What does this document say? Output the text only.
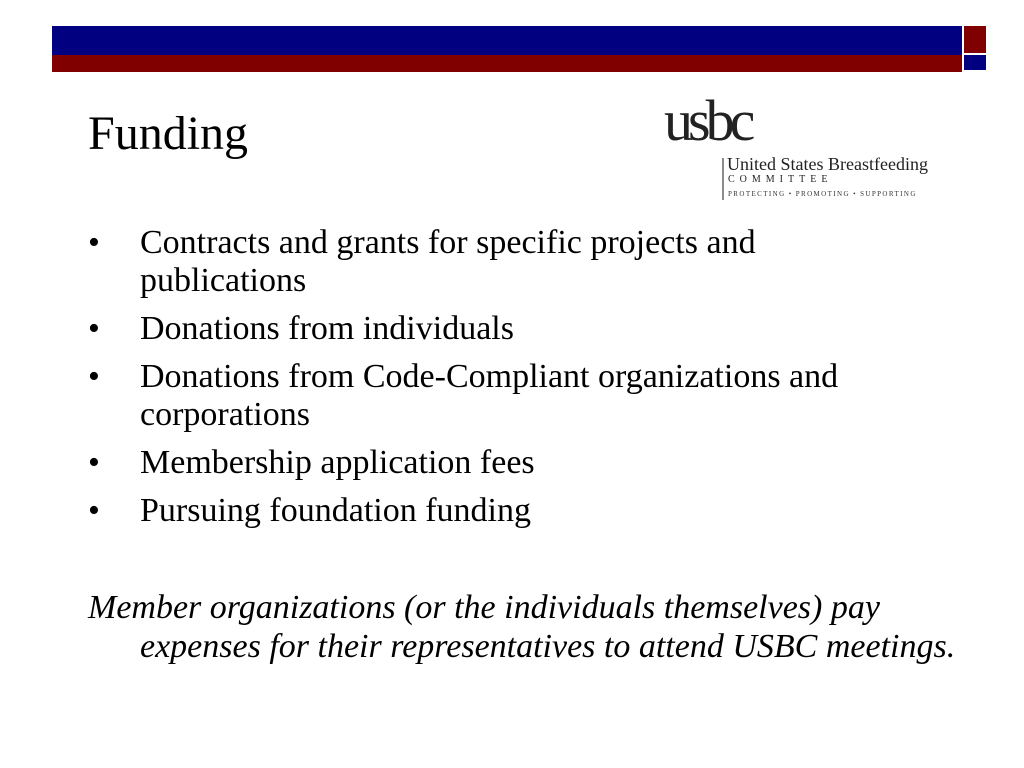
Funding	usbc
United States Breastfeeding
COMMITTEE
PROTECTING • PROMOTING • SUPPORTING
• Contracts and grants for specific projects and publications
• Donations from individuals
• Donations from Code-Compliant organizations and corporations
• Membership application fees
• Pursuing foundation funding

Member organizations (or the individuals themselves) pay expenses for their representatives to attend USBC meetings.
